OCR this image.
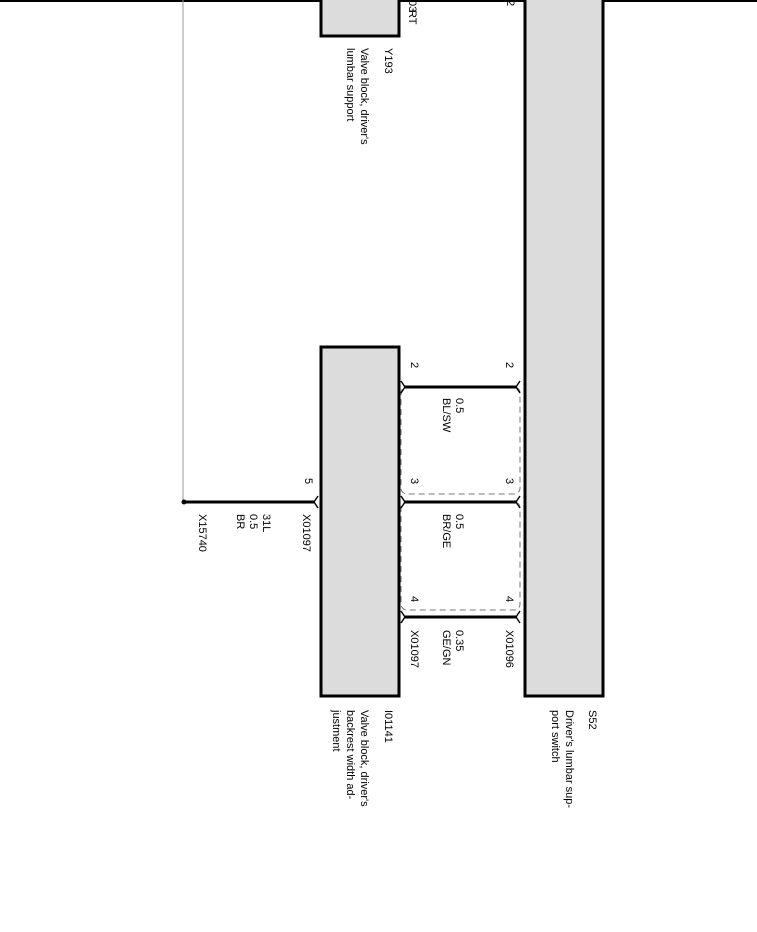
2
03
RT
Y193
Valve block, driver's
lumbar support
2
3
4
2
3
4
5
0.5
BL/SW
0.5
BR/GE
0.35
GE/GN	X01096
X01097
X01097
31L
0.5
BR
X15740
S52
Driver's lumbar sup-
port switch
I01141
Valve block, driver's
backrest width ad-
justment
